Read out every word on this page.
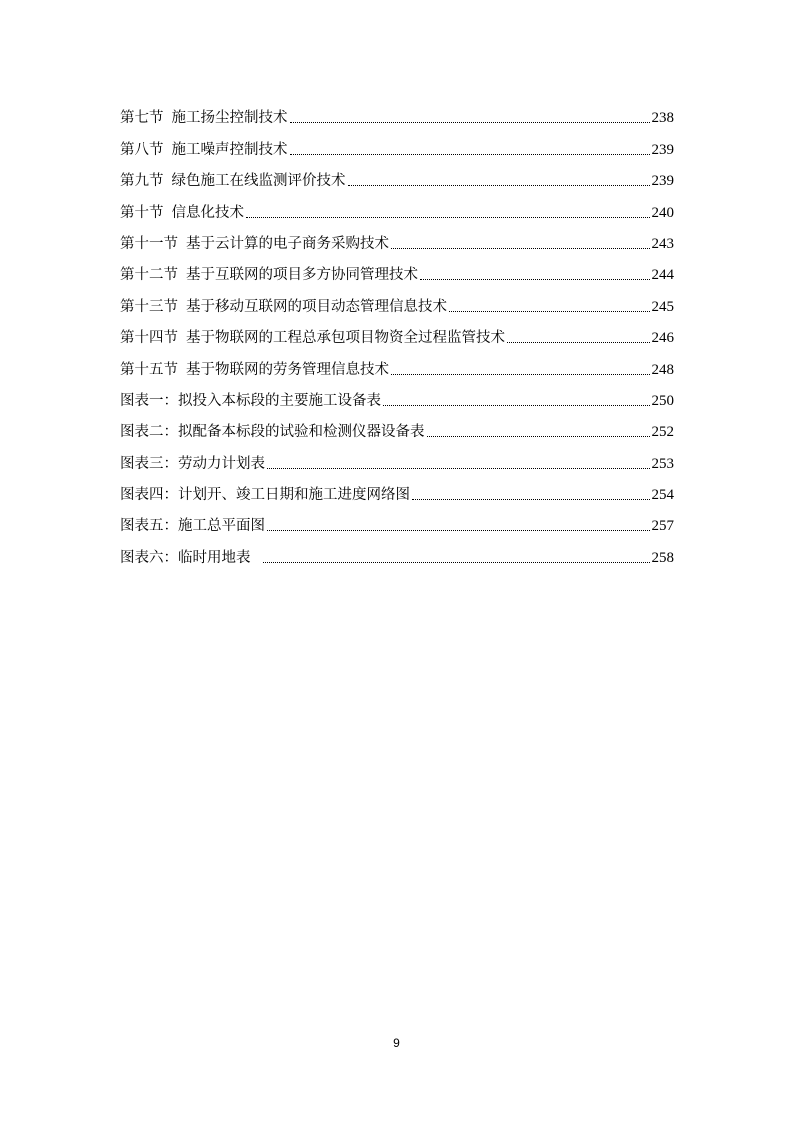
第七节 施工扬尘控制技术	238
第八节 施工噪声控制技术	239
第九节 绿色施工在线监测评价技术	239
第十节 信息化技术	240
第十一节 基于云计算的电子商务采购技术	243
第十二节 基于互联网的项目多方协同管理技术	244
第十三节 基于移动互联网的项目动态管理信息技术	245
第十四节 基于物联网的工程总承包项目物资全过程监管技术	246
第十五节 基于物联网的劳务管理信息技术	248
图表一：拟投入本标段的主要施工设备表	250
图表二：拟配备本标段的试验和检测仪器设备表	252
图表三：劳动力计划表	253
图表四：计划开、竣工日期和施工进度网络图	254
图表五：施工总平面图	257
图表六：临时用地表	258
9
